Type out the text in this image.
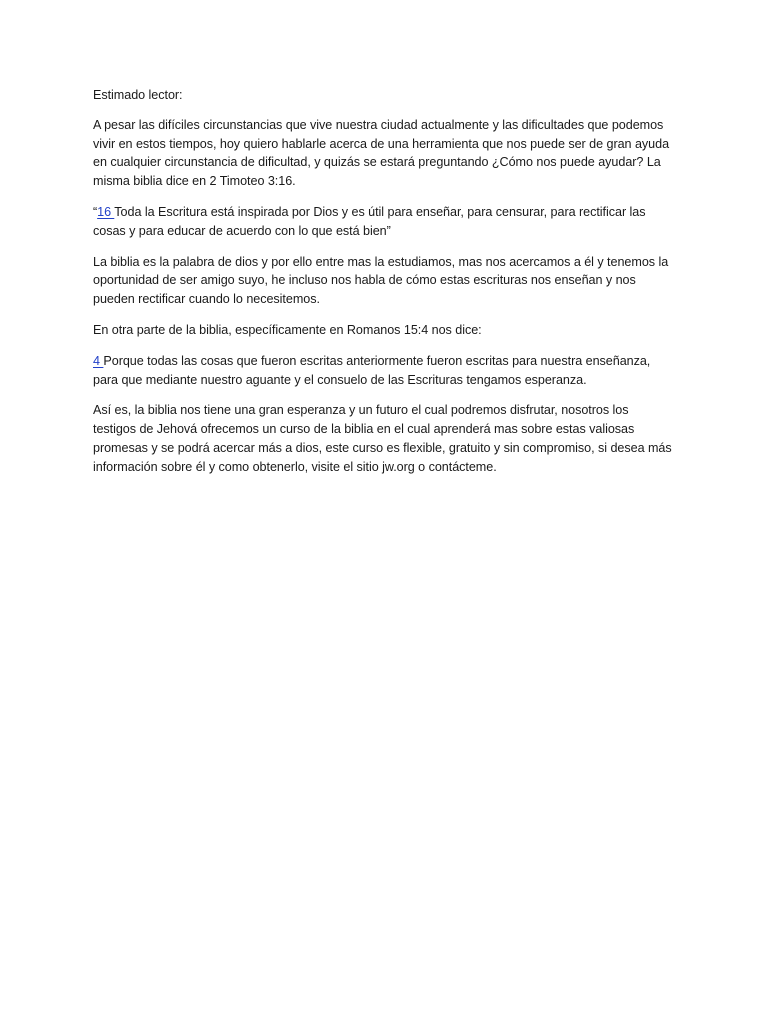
Estimado lector:

A pesar las difíciles circunstancias que vive nuestra ciudad actualmente y las dificultades que podemos vivir en estos tiempos, hoy quiero hablarle acerca de una herramienta que nos puede ser de gran ayuda en cualquier circunstancia de dificultad, y quizás se estará preguntando ¿Cómo nos puede ayudar? La misma biblia dice en 2 Timoteo 3:16.

“16 Toda la Escritura está inspirada por Dios y es útil para enseñar, para censurar, para rectificar las cosas y para educar de acuerdo con lo que está bien”

La biblia es la palabra de dios y por ello entre mas la estudiamos, mas nos acercamos a él y tenemos la oportunidad de ser amigo suyo, he incluso nos habla de cómo estas escrituras nos enseñan y nos pueden rectificar cuando lo necesitemos.

En otra parte de la biblia, específicamente en Romanos 15:4 nos dice:

4 Porque todas las cosas que fueron escritas anteriormente fueron escritas para nuestra enseñanza, para que mediante nuestro aguante y el consuelo de las Escrituras tengamos esperanza.

Así es, la biblia nos tiene una gran esperanza y un futuro el cual podremos disfrutar, nosotros los testigos de Jehová ofrecemos un curso de la biblia en el cual aprenderá mas sobre estas valiosas promesas y se podrá acercar más a dios, este curso es flexible, gratuito y sin compromiso, si desea más información sobre él y como obtenerlo, visite el sitio jw.org o contácteme.
